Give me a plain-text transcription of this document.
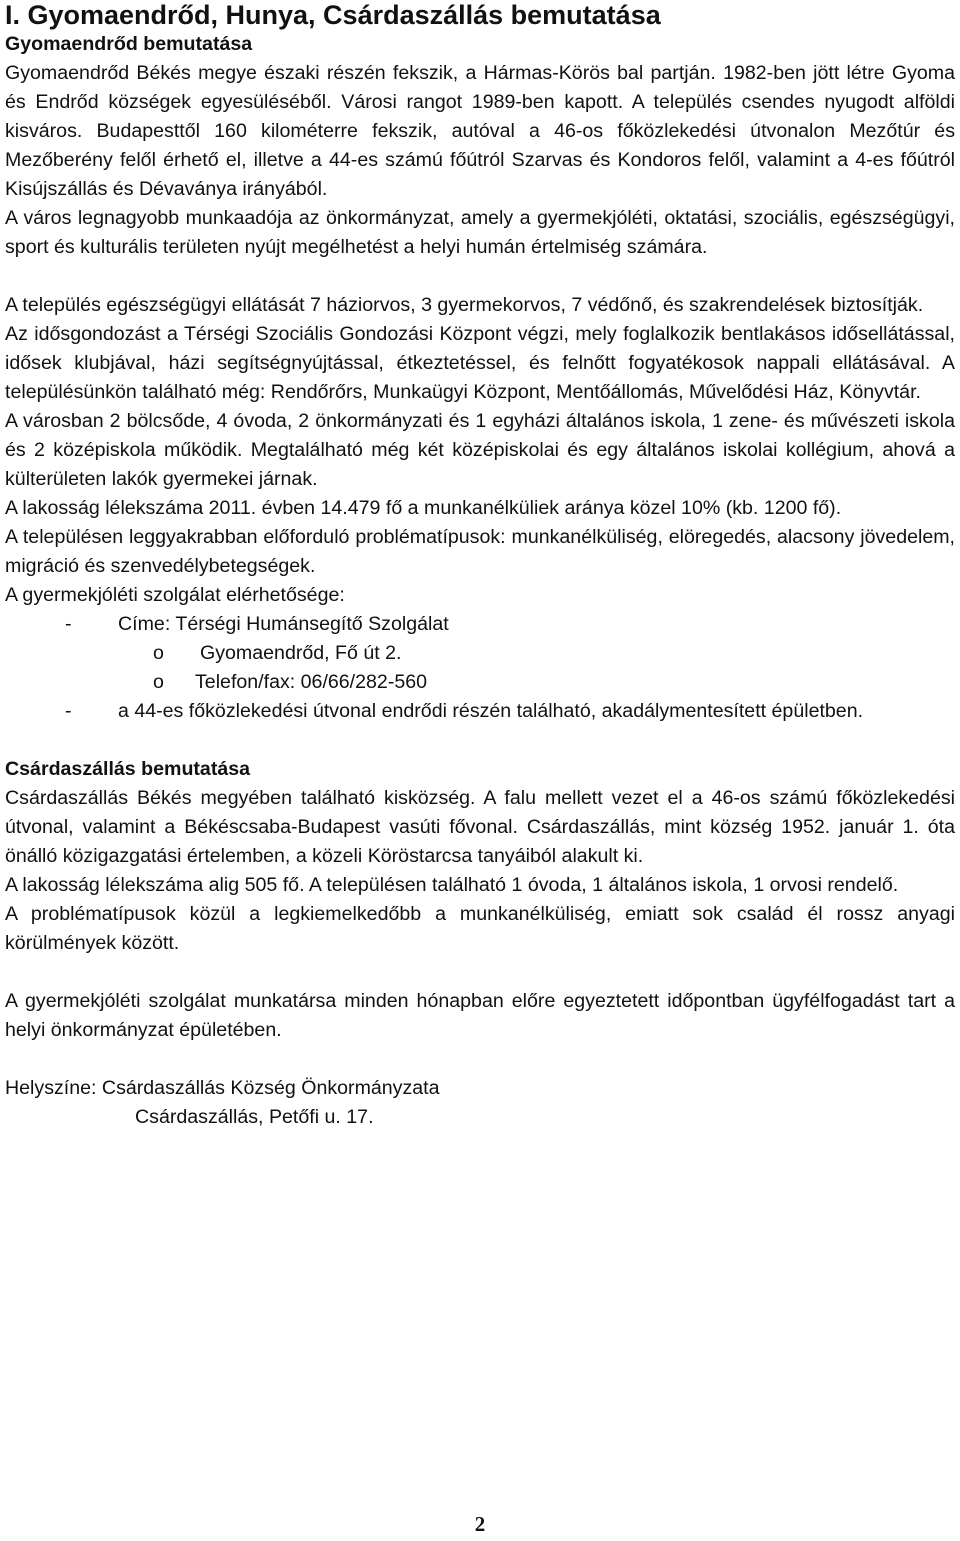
I. Gyomaendrőd, Hunya, Csárdaszállás bemutatása
Gyomaendrőd bemutatása

Gyomaendrőd Békés megye északi részén fekszik, a Hármas-Körös bal partján. 1982-ben jött létre Gyoma és Endrőd községek egyesüléséből. Városi rangot 1989-ben kapott. A település csendes nyugodt alföldi kisváros. Budapesttől 160 kilométerre fekszik, autóval a 46-os főközlekedési útvonalon Mezőtúr és Mezőberény felől érhető el, illetve a 44-es számú főútról Szarvas és Kondoros felől, valamint a 4-es főútról Kisújszállás és Dévaványa irányából.

A város legnagyobb munkaadója az önkormányzat, amely a gyermekjóléti, oktatási, szociális, egészségügyi, sport és kulturális területen nyújt megélhetést a helyi humán értelmiség számára.

A település egészségügyi ellátását 7 háziorvos, 3 gyermekorvos, 7 védőnő, és szakrendelések biztosítják.

Az idősgondozást a Térségi Szociális Gondozási Központ végzi, mely foglalkozik bentlakásos idősellátással, idősek klubjával, házi segítségnyújtással, étkeztetéssel, és felnőtt fogyatékosok nappali ellátásával. A településünkön található még: Rendőrőrs, Munkaügyi Központ, Mentőállomás, Művelődési Ház, Könyvtár.

A városban 2 bölcsőde, 4 óvoda, 2 önkormányzati és 1 egyházi általános iskola, 1 zene- és művészeti iskola és 2 középiskola működik. Megtalálható még két középiskolai és egy általános iskolai kollégium, ahová a külterületen lakók gyermekei járnak.

A lakosság lélekszáma 2011. évben 14.479 fő a munkanélküliek aránya közel 10% (kb. 1200 fő).

A településen leggyakrabban előforduló problématípusok: munkanélküliség, elöregedés, alacsony jövedelem, migráció és szenvedélybetegségek.

A gyermekjóléti szolgálat elérhetősége:

- Címe: Térségi Humánsegítő Szolgálat
o Gyomaendrőd, Fő út 2.
o Telefon/fax: 06/66/282-560
- a 44-es főközlekedési útvonal endrődi részén található, akadálymentesített épületben.
Csárdaszállás bemutatása

Csárdaszállás Békés megyében található kisközség. A falu mellett vezet el a 46-os számú főközlekedési útvonal, valamint a Békéscsaba-Budapest vasúti fővonal. Csárdaszállás, mint község 1952. január 1. óta önálló közigazgatási értelemben, a közeli Köröstarcsa tanyáiból alakult ki.

A lakosság lélekszáma alig 505 fő. A településen található 1 óvoda, 1 általános iskola, 1 orvosi rendelő.

A problématípusok közül a legkiemelkedőbb a munkanélküliség, emiatt sok család él rossz anyagi körülmények között.

A gyermekjóléti szolgálat munkatársa minden hónapban előre egyeztetett időpontban ügyfélfogadást tart a helyi önkormányzat épületében.

Helyszíne: Csárdaszállás Község Önkormányzata
Csárdaszállás, Petőfi u. 17.
2
